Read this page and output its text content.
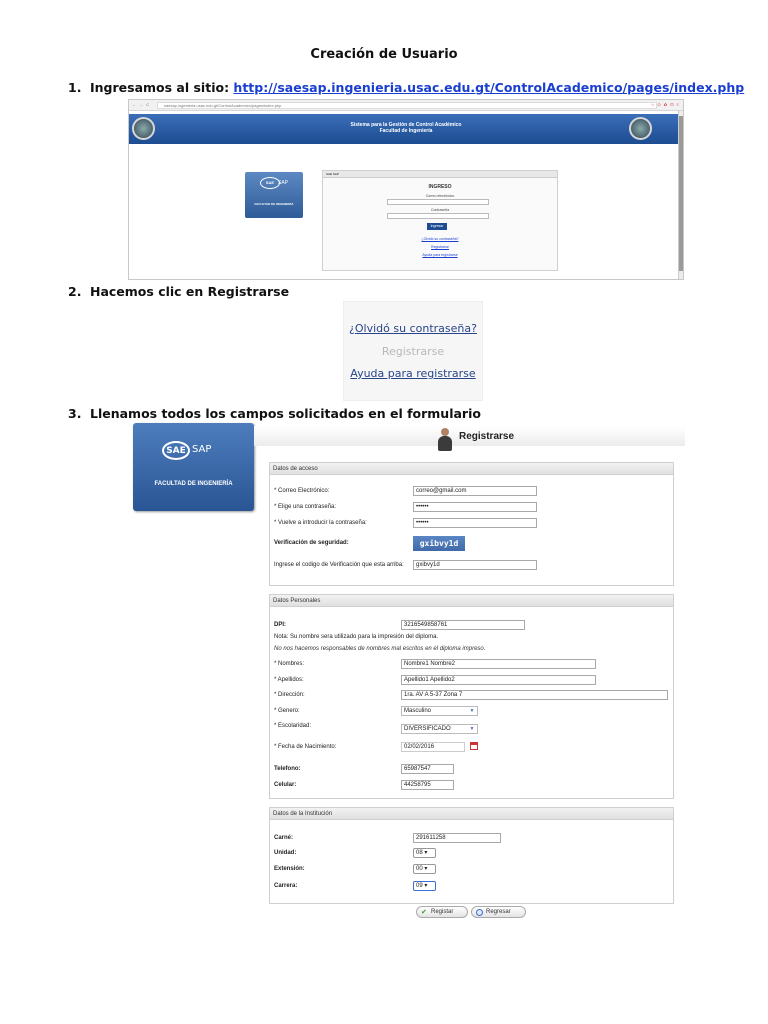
Creación de Usuario
1. Ingresamos al sitio: http://saesap.ingenieria.usac.edu.gt/ControlAcademico/pages/index.php
← → C	saesap.ingenieria.usac.edu.gt/ControlAcademico/pages/index.php	☆ O ✿ ⊡ ≡
Sistema para la Gestión de Control Académico
Facultad de Ingeniería
SAE SAP
FACULTAD DE INGENIERÍA
SAE SAP
INGRESO
Correo electrónico
Contraseña
Ingresar
¿Olvidó su contraseña?
Registrarse
Ayuda para registrarse
2. Hacemos clic en Registrarse
¿Olvidó su contraseña?
Registrarse
Ayuda para registrarse
3. Llenamos todos los campos solicitados en el formulario
SAE SAP
FACULTAD DE INGENIERÍA
Registrarse
Datos de acceso
* Correo Electrónico:	correo@gmail.com
* Elige una contraseña:	••••••
* Vuelve a introducir la contraseña:	••••••
Verificación de seguridad:	gxibvy1d
Ingrese el codigo de Verificación que esta arriba:	gxibvy1d
Datos Personales
DPI:	3216549858761
Nota: Su nombre sera utilizado para la impresión del diploma.
No nos hacemos responsables de nombres mal escritos en el diploma impreso.
* Nombres:	Nombre1 Nombre2
* Apellidos:	Apellido1 Apellido2
* Dirección:	1ra. AV A 5-37 Zona 7
* Genero:	Masculino	▼
* Escolaridad:	DIVERSIFICADO	▼
* Fecha de Nacimiento:	02/02/2016
Telefono:	65987547
Celular:	44258795
Datos de la Institución
Carné:	291611258
Unidad:	08 ▾
Extensión:	00 ▾
Carrera:	09 ▾
✔ Registar	Regresar
